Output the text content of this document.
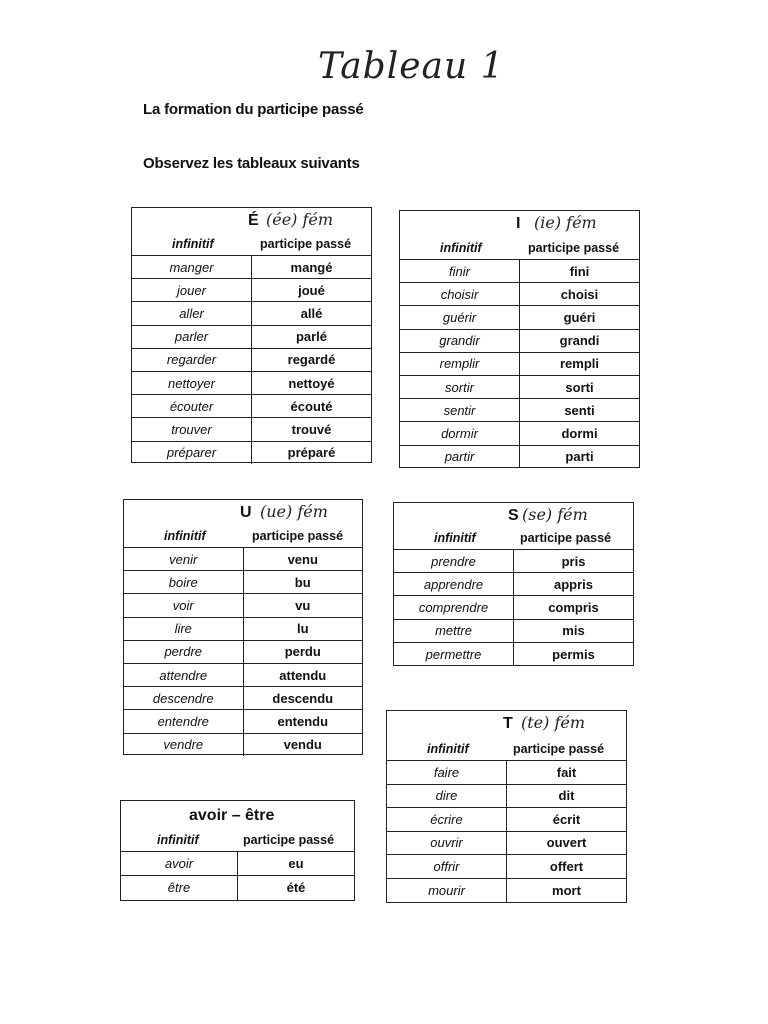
Tableau 1
La formation du participe passé
Observez les tableaux suivants
É (ée) fém
infinitif	participe passé
manger	mangé
jouer	joué
aller	allé
parler	parlé
regarder	regardé
nettoyer	nettoyé
écouter	écouté
trouver	trouvé
préparer	préparé
I (ie) fém
infinitif	participe passé
finir	fini
choisir	choisi
guérir	guéri
grandir	grandi
remplir	rempli
sortir	sorti
sentir	senti
dormir	dormi
partir	parti
U (ue) fém
infinitif	participe passé
venir	venu
boire	bu
voir	vu
lire	lu
perdre	perdu
attendre	attendu
descendre	descendu
entendre	entendu
vendre	vendu
S (se) fém
infinitif	participe passé
prendre	pris
apprendre	appris
comprendre	compris
mettre	mis
permettre	permis
T (te) fém
infinitif	participe passé
faire	fait
dire	dit
écrire	écrit
ouvrir	ouvert
offrir	offert
mourir	mort
avoir – être
infinitif	participe passé
avoir	eu
être	été
